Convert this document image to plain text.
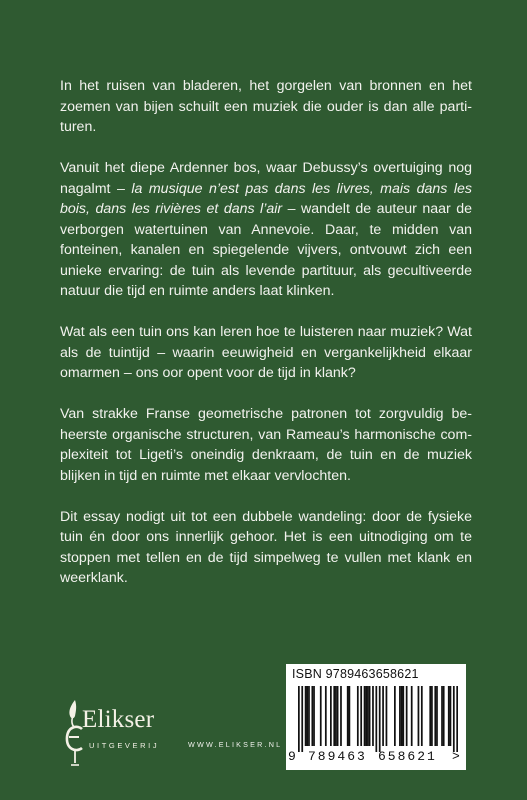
In het ruisen van bladeren, het gorgelen van bronnen en het zoemen van bijen schuilt een muziek die ouder is dan alle partituren.

Vanuit het diepe Ardenner bos, waar Debussy’s overtuiging nog nagalmt – la musique n’est pas dans les livres, mais dans les bois, dans les rivières et dans l’air – wandelt de auteur naar de verborgen watertuinen van Annevoie. Daar, te midden van fonteinen, kanalen en spiegelende vijvers, ontvouwt zich een unieke ervaring: de tuin als levende partituur, als gecultiveerde natuur die tijd en ruimte anders laat klinken.

Wat als een tuin ons kan leren hoe te luisteren naar muziek? Wat als de tuintijd – waarin eeuwigheid en vergankelijkheid elkaar omarmen – ons oor opent voor de tijd in klank?

Van strakke Franse geometrische patronen tot zorgvuldig beheerste organische structuren, van Rameau’s harmonische complexiteit tot Ligeti’s oneindig denkraam, de tuin en de muziek blijken in tijd en ruimte met elkaar vervlochten.

Dit essay nodigt uit tot een dubbele wandeling: door de fysieke tuin én door ons innerlijk gehoor. Het is een uitnodiging om te stoppen met tellen en de tijd simpelweg te vullen met klank en weerklank.

Elikser
UITGEVERIJ	WWW.ELIKSER.NL
ISBN 9789463658621
9 789463 658621 >
